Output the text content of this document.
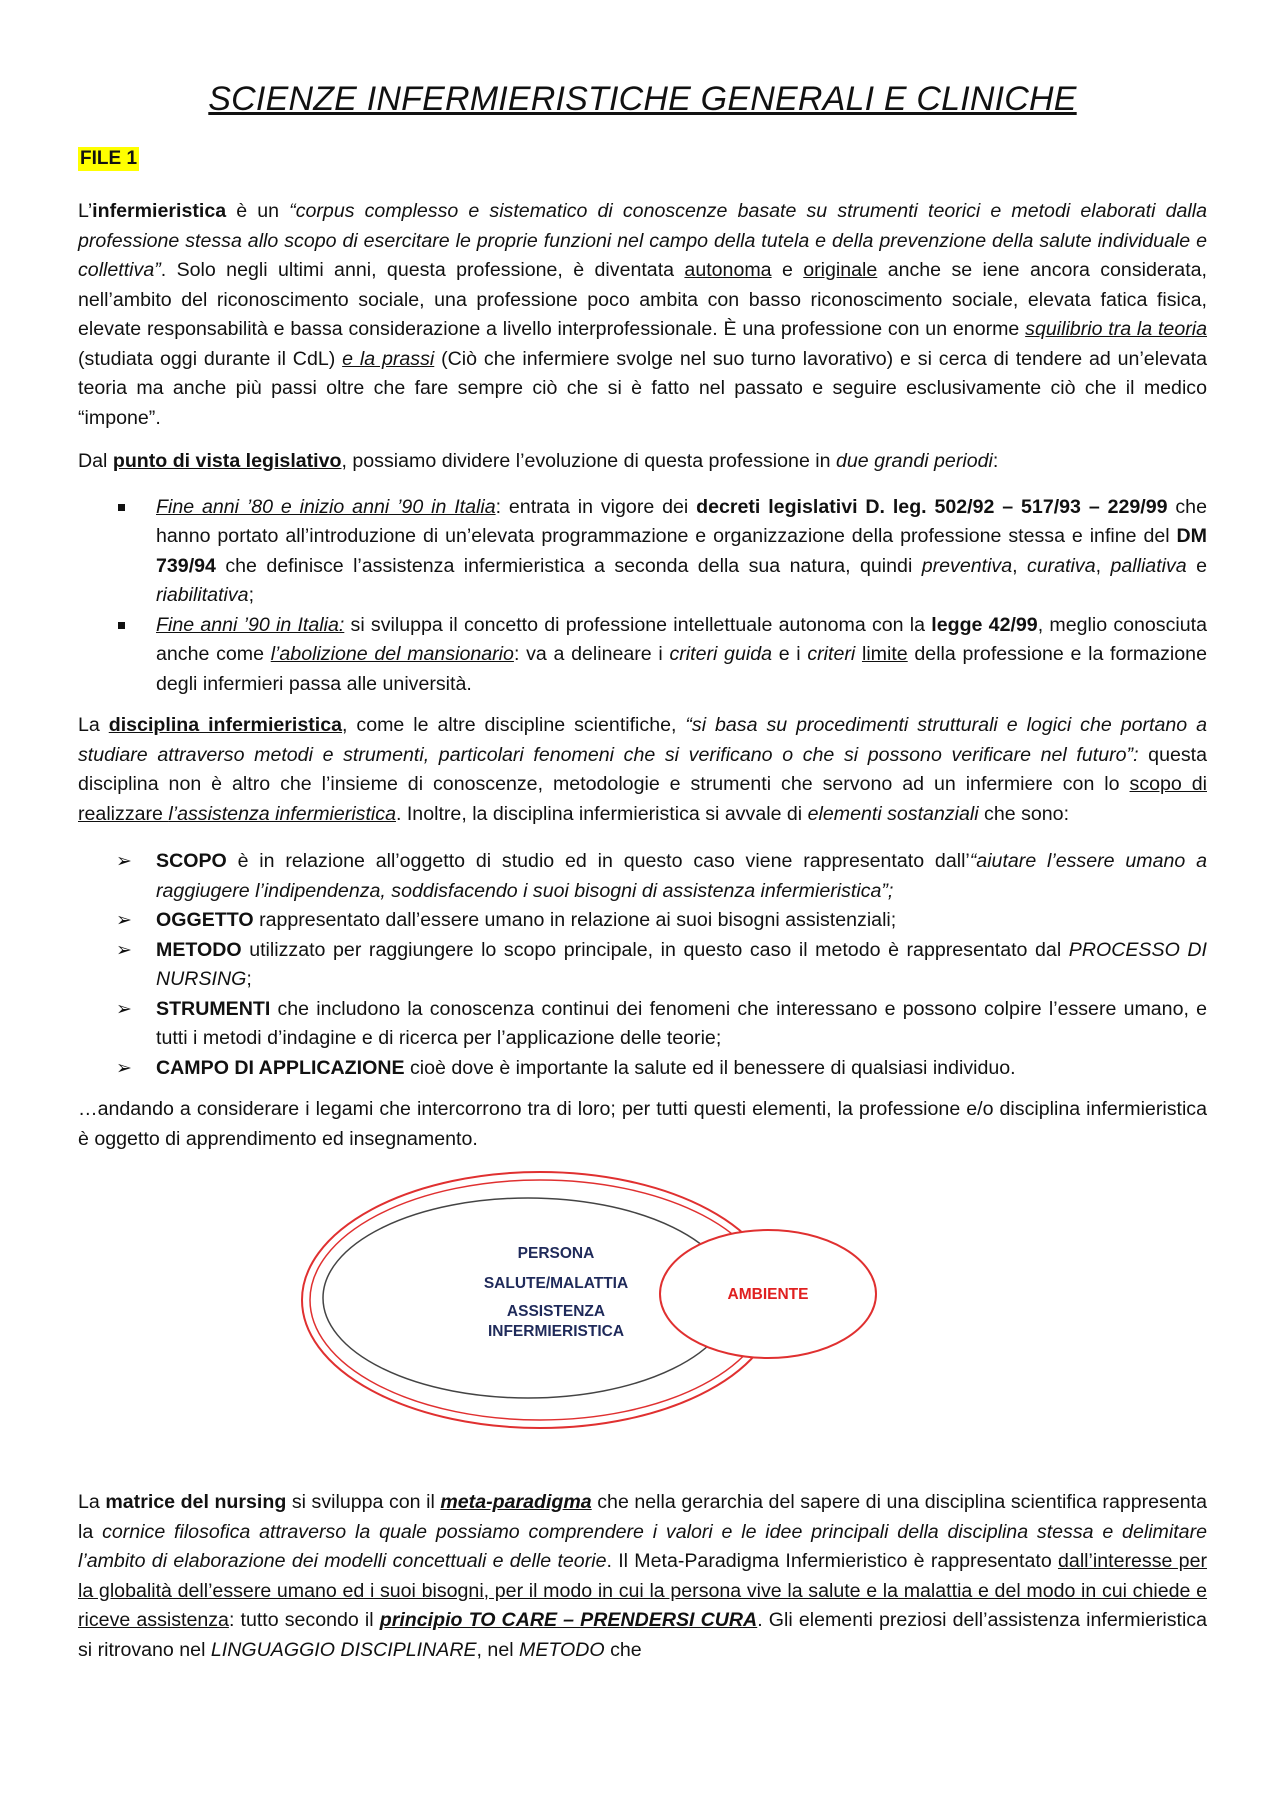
SCIENZE INFERMIERISTICHE GENERALI E CLINICHE
FILE 1

L’infermieristica è un “corpus complesso e sistematico di conoscenze basate su strumenti teorici e metodi elaborati dalla professione stessa allo scopo di esercitare le proprie funzioni nel campo della tutela e della prevenzione della salute individuale e collettiva”. Solo negli ultimi anni, questa professione, è diventata autonoma e originale anche se iene ancora considerata, nell’ambito del riconoscimento sociale, una professione poco ambita con basso riconoscimento sociale, elevata fatica fisica, elevate responsabilità e bassa considerazione a livello interprofessionale. È una professione con un enorme squilibrio tra la teoria (studiata oggi durante il CdL) e la prassi (Ciò che infermiere svolge nel suo turno lavorativo) e si cerca di tendere ad un’elevata teoria ma anche più passi oltre che fare sempre ciò che si è fatto nel passato e seguire esclusivamente ciò che il medico “impone”.

Dal punto di vista legislativo, possiamo dividere l’evoluzione di questa professione in due grandi periodi:

Fine anni ’80 e inizio anni ’90 in Italia: entrata in vigore dei decreti legislativi D. leg. 502/92 – 517/93 – 229/99 che hanno portato all’introduzione di un’elevata programmazione e organizzazione della professione stessa e infine del DM 739/94 che definisce l’assistenza infermieristica a seconda della sua natura, quindi preventiva, curativa, palliativa e riabilitativa;
Fine anni ’90 in Italia: si sviluppa il concetto di professione intellettuale autonoma con la legge 42/99, meglio conosciuta anche come l’abolizione del mansionario: va a delineare i criteri guida e i criteri limite della professione e la formazione degli infermieri passa alle università.

La disciplina infermieristica, come le altre discipline scientifiche, “si basa su procedimenti strutturali e logici che portano a studiare attraverso metodi e strumenti, particolari fenomeni che si verificano o che si possono verificare nel futuro”: questa disciplina non è altro che l’insieme di conoscenze, metodologie e strumenti che servono ad un infermiere con lo scopo di realizzare l’assistenza infermieristica. Inoltre, la disciplina infermieristica si avvale di elementi sostanziali che sono:

➢ SCOPO è in relazione all’oggetto di studio ed in questo caso viene rappresentato dall’“aiutare l’essere umano a raggiugere l’indipendenza, soddisfacendo i suoi bisogni di assistenza infermieristica”;
➢ OGGETTO rappresentato dall’essere umano in relazione ai suoi bisogni assistenziali;
➢ METODO utilizzato per raggiungere lo scopo principale, in questo caso il metodo è rappresentato dal PROCESSO DI NURSING;
➢ STRUMENTI che includono la conoscenza continui dei fenomeni che interessano e possono colpire l’essere umano, e tutti i metodi d’indagine e di ricerca per l’applicazione delle teorie;
➢ CAMPO DI APPLICAZIONE cioè dove è importante la salute ed il benessere di qualsiasi individuo.

…andando a considerare i legami che intercorrono tra di loro; per tutti questi elementi, la professione e/o disciplina infermieristica è oggetto di apprendimento ed insegnamento.

PERSONA
SALUTE/MALATTIA
ASSISTENZA
INFERMIERISTICA
AMBIENTE

La matrice del nursing si sviluppa con il meta-paradigma che nella gerarchia del sapere di una disciplina scientifica rappresenta la cornice filosofica attraverso la quale possiamo comprendere i valori e le idee principali della disciplina stessa e delimitare l’ambito di elaborazione dei modelli concettuali e delle teorie. Il Meta-Paradigma Infermieristico è rappresentato dall’interesse per la globalità dell’essere umano ed i suoi bisogni, per il modo in cui la persona vive la salute e la malattia e del modo in cui chiede e riceve assistenza: tutto secondo il principio TO CARE – PRENDERSI CURA. Gli elementi preziosi dell’assistenza infermieristica si ritrovano nel LINGUAGGIO DISCIPLINARE, nel METODO che
